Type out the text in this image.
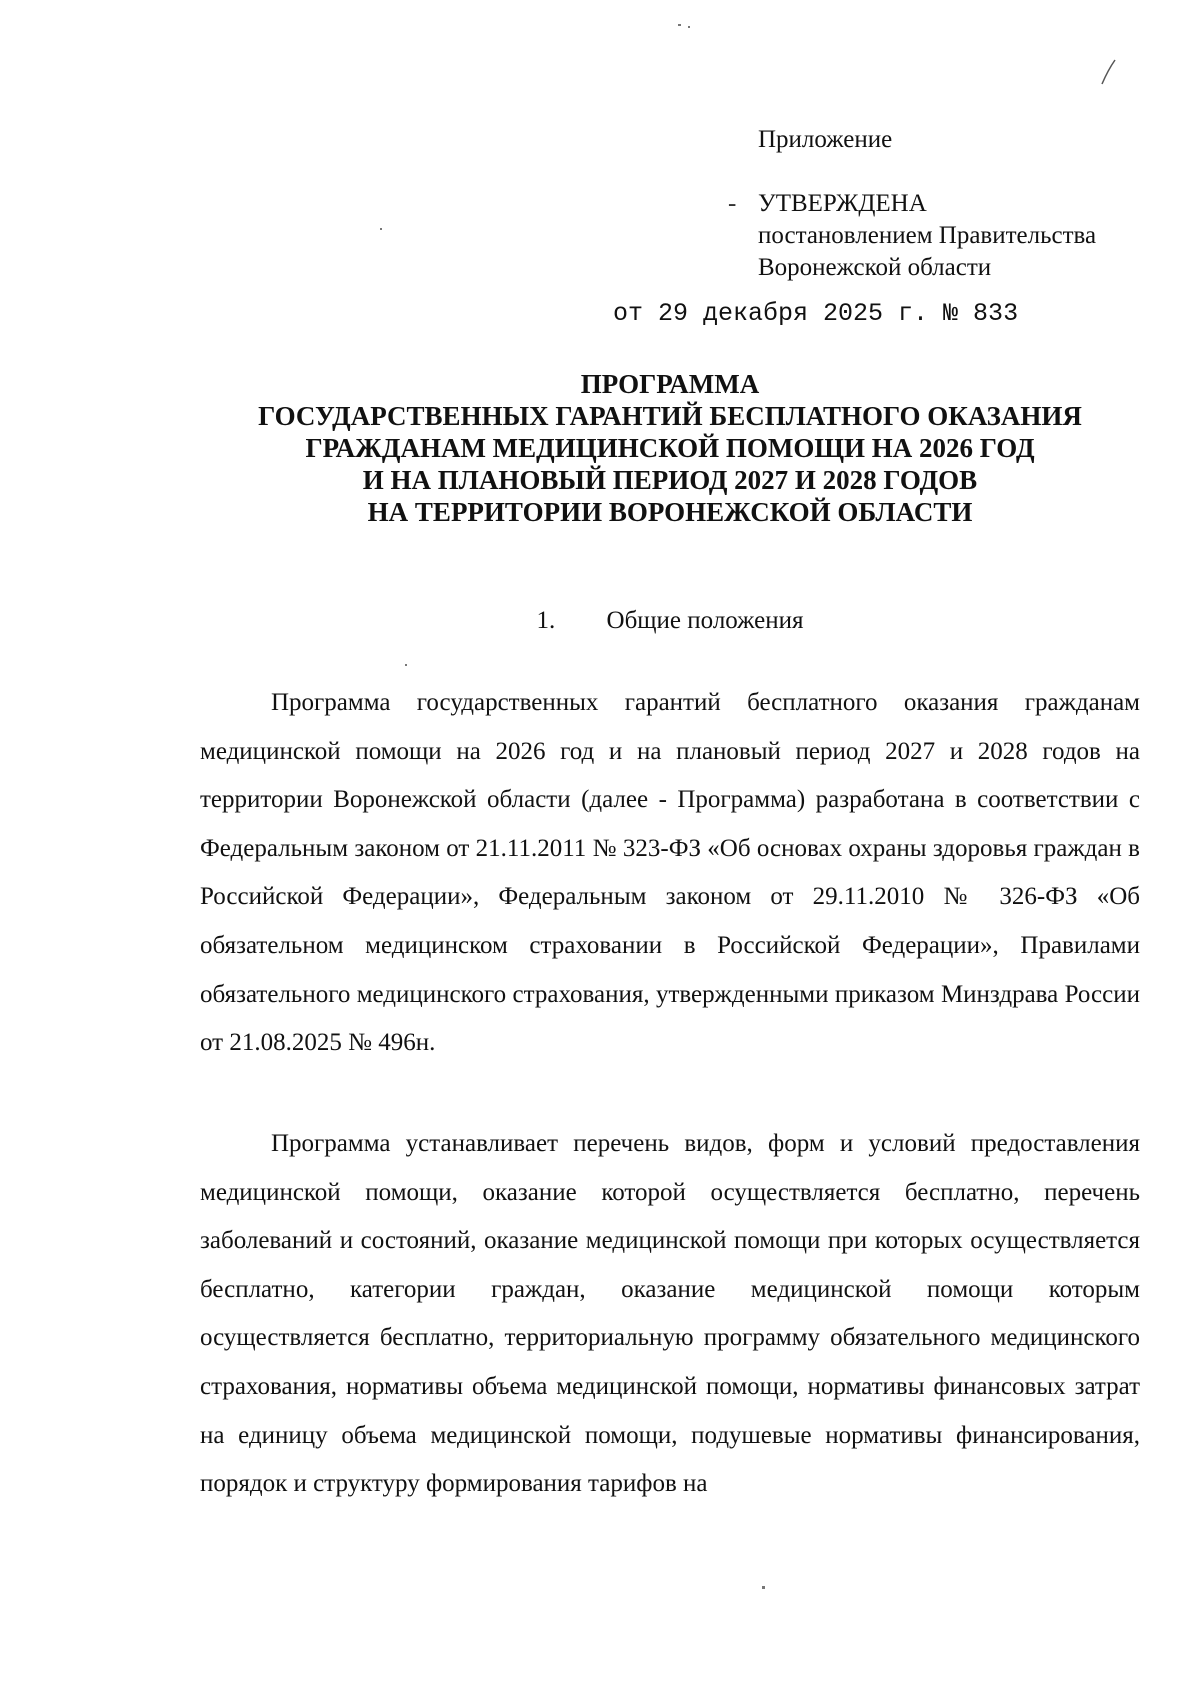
Приложение
- УТВЕРЖДЕНА
постановлением Правительства
Воронежской области
от 29 декабря 2025 г. № 833
ПРОГРАММА
ГОСУДАРСТВЕННЫХ ГАРАНТИЙ БЕСПЛАТНОГО ОКАЗАНИЯ
ГРАЖДАНАМ МЕДИЦИНСКОЙ ПОМОЩИ НА 2026 ГОД
И НА ПЛАНОВЫЙ ПЕРИОД 2027 И 2028 ГОДОВ
НА ТЕРРИТОРИИ ВОРОНЕЖСКОЙ ОБЛАСТИ
1. Общие положения

Программа государственных гарантий бесплатного оказания гражданам медицинской помощи на 2026 год и на плановый период 2027 и 2028 годов на территории Воронежской области (далее - Программа) разработана в соответствии с Федеральным законом от 21.11.2011 № 323-ФЗ «Об основах охраны здоровья граждан в Российской Федерации», Федеральным законом от 29.11.2010 № 326-ФЗ «Об обязательном медицинском страховании в Российской Федерации», Правилами обязательного медицинского страхования, утвержденными приказом Минздрава России от 21.08.2025 № 496н.

Программа устанавливает перечень видов, форм и условий предоставления медицинской помощи, оказание которой осуществляется бесплатно, перечень заболеваний и состояний, оказание медицинской помощи при которых осуществляется бесплатно, категории граждан, оказание медицинской помощи которым осуществляется бесплатно, территориальную программу обязательного медицинского страхования, нормативы объема медицинской помощи, нормативы финансовых затрат на единицу объема медицинской помощи, подушевые нормативы финансирования, порядок и структуру формирования тарифов на
